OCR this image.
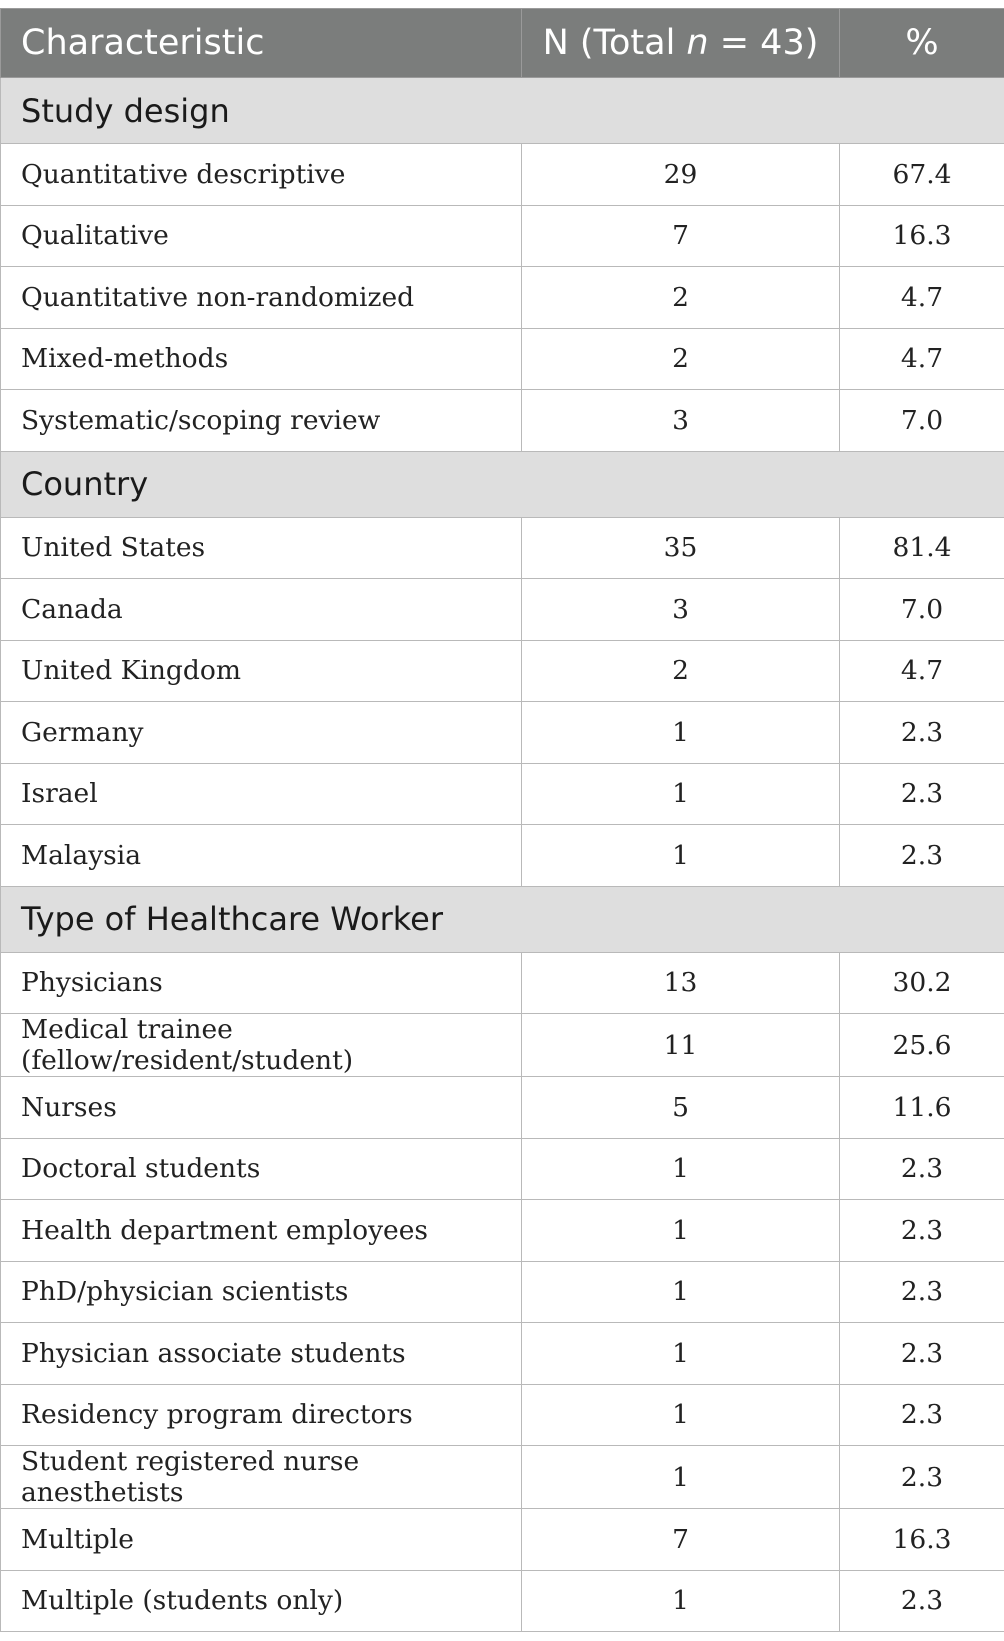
Characteristic	N (Total n = 43)	%
Study design		
Quantitative descriptive	29	67.4
Qualitative	7	16.3
Quantitative non-randomized	2	4.7
Mixed-methods	2	4.7
Systematic/scoping review	3	7.0
Country		
United States	35	81.4
Canada	3	7.0
United Kingdom	2	4.7
Germany	1	2.3
Israel	1	2.3
Malaysia	1	2.3
Type of Healthcare Worker		
Physicians	13	30.2
Medical trainee (fellow/resident/student)	11	25.6
Nurses	5	11.6
Doctoral students	1	2.3
Health department employees	1	2.3
PhD/physician scientists	1	2.3
Physician associate students	1	2.3
Residency program directors	1	2.3
Student registered nurse anesthetists	1	2.3
Multiple	7	16.3
Multiple (students only)	1	2.3
